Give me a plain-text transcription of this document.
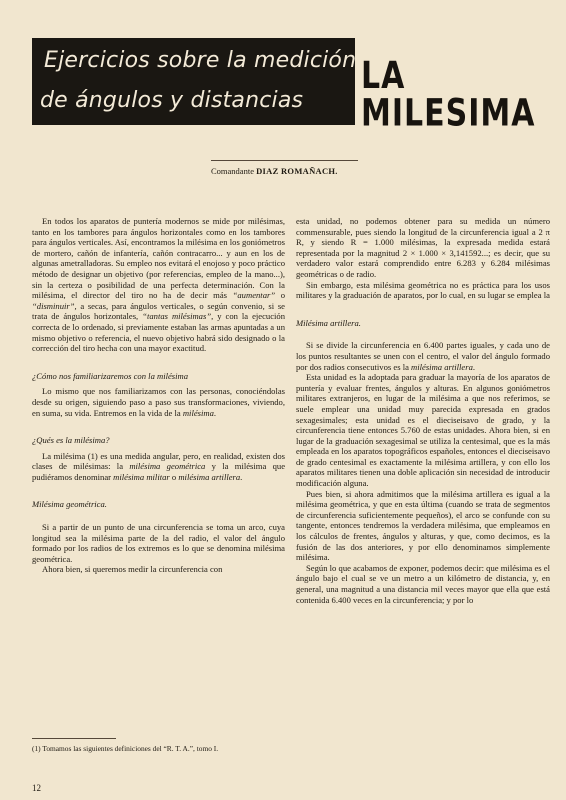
Ejercicios sobre la medición
de ángulos y distancias
LA MILESIMA
Comandante DIAZ ROMAÑACH.

En todos los aparatos de puntería modernos se mide por milésimas, tanto en los tambores para ángulos horizontales como en los tambores para ángulos verticales. Así, encontramos la milésima en los goniómetros de mortero, cañón de infantería, cañón contracarro... y aun en los de algunas ametralladoras. Su empleo nos evitará el enojoso y poco práctico método de designar un objetivo (por referencias, empleo de la mano...), sin la certeza o posibilidad de una perfecta determinación. Con la milésima, el director del tiro no ha de decir más “aumentar” o “disminuir”, a secas, para ángulos verticales, o según convenio, si se trata de ángulos horizontales, “tantas milésimas”, y con la ejecución correcta de lo ordenado, si previamente estaban las armas apuntadas a un mismo objetivo o referencia, el nuevo objetivo habrá sido designado o la corrección del tiro hecha con una mayor exactitud.

¿Cómo nos familiarizaremos con la milésima

Lo mismo que nos familiarizamos con las personas, conociéndolas desde su origen, siguiendo paso a paso sus transformaciones, viviendo, en suma, su vida. Entremos en la vida de la milésima.

¿Qués es la milésima?

La milésima (1) es una medida angular, pero, en realidad, existen dos clases de milésimas: la milésima geométrica y la milésima que pudiéramos denominar milésima militar o milésima artillera.

Milésima geométrica.

Si a partir de un punto de una circunferencia se toma un arco, cuya longitud sea la milésima parte de la del radio, el valor del ángulo formado por los radios de los extremos es lo que se denomina milésima geométrica.

Ahora bien, si queremos medir la circunferencia con

esta unidad, no podemos obtener para su medida un número commensurable, pues siendo la longitud de la circunferencia igual a 2 π R, y siendo R = 1.000 milésimas, la expresada medida estará representada por la magnitud 2 × 1.000 × 3,141592...; es decir, que su verdadero valor estará comprendido entre 6.283 y 6.284 milésimas geométricas o de radio.

Sin embargo, esta milésima geométrica no es práctica para los usos militares y la graduación de aparatos, por lo cual, en su lugar se emplea la

Milésima artillera.

Si se divide la circunferencia en 6.400 partes iguales, y cada uno de los puntos resultantes se unen con el centro, el valor del ángulo formado por dos radios consecutivos es la milésima artillera.

Esta unidad es la adoptada para graduar la mayoría de los aparatos de puntería y evaluar frentes, ángulos y alturas. En algunos goniómetros militares extranjeros, en lugar de la milésima a que nos referimos, se suele emplear una unidad muy parecida expresada en grados sexagesimales; esta unidad es el dieciseisavo de grado, y la circunferencia tiene entonces 5.760 de estas unidades. Ahora bien, si en lugar de la graduación sexagesimal se utiliza la centesimal, que es la más empleada en los aparatos topográficos españoles, entonces el dieciseisavo de grado centesimal es exactamente la milésima artillera, y con ello los aparatos militares tienen una doble aplicación sin necesidad de introducir modificación alguna.

Pues bien, si ahora admitimos que la milésima artillera es igual a la milésima geométrica, y que en esta última (cuando se trata de segmentos de circunferencia suficientemente pequeños), el arco se confunde con su tangente, entonces tendremos la verdadera milésima, que empleamos en los cálculos de frentes, ángulos y alturas, y que, como decimos, es la fusión de las dos anteriores, y por ello denominamos simplemente milésima.

Según lo que acabamos de exponer, podemos decir: que milésima es el ángulo bajo el cual se ve un metro a un kilómetro de distancia, y, en general, una magnitud a una distancia mil veces mayor que ella que está contenida 6.400 veces en la circunferencia; y por lo

(1) Tomamos las siguientes definiciones del “R. T. A.”, tomo I.
12
